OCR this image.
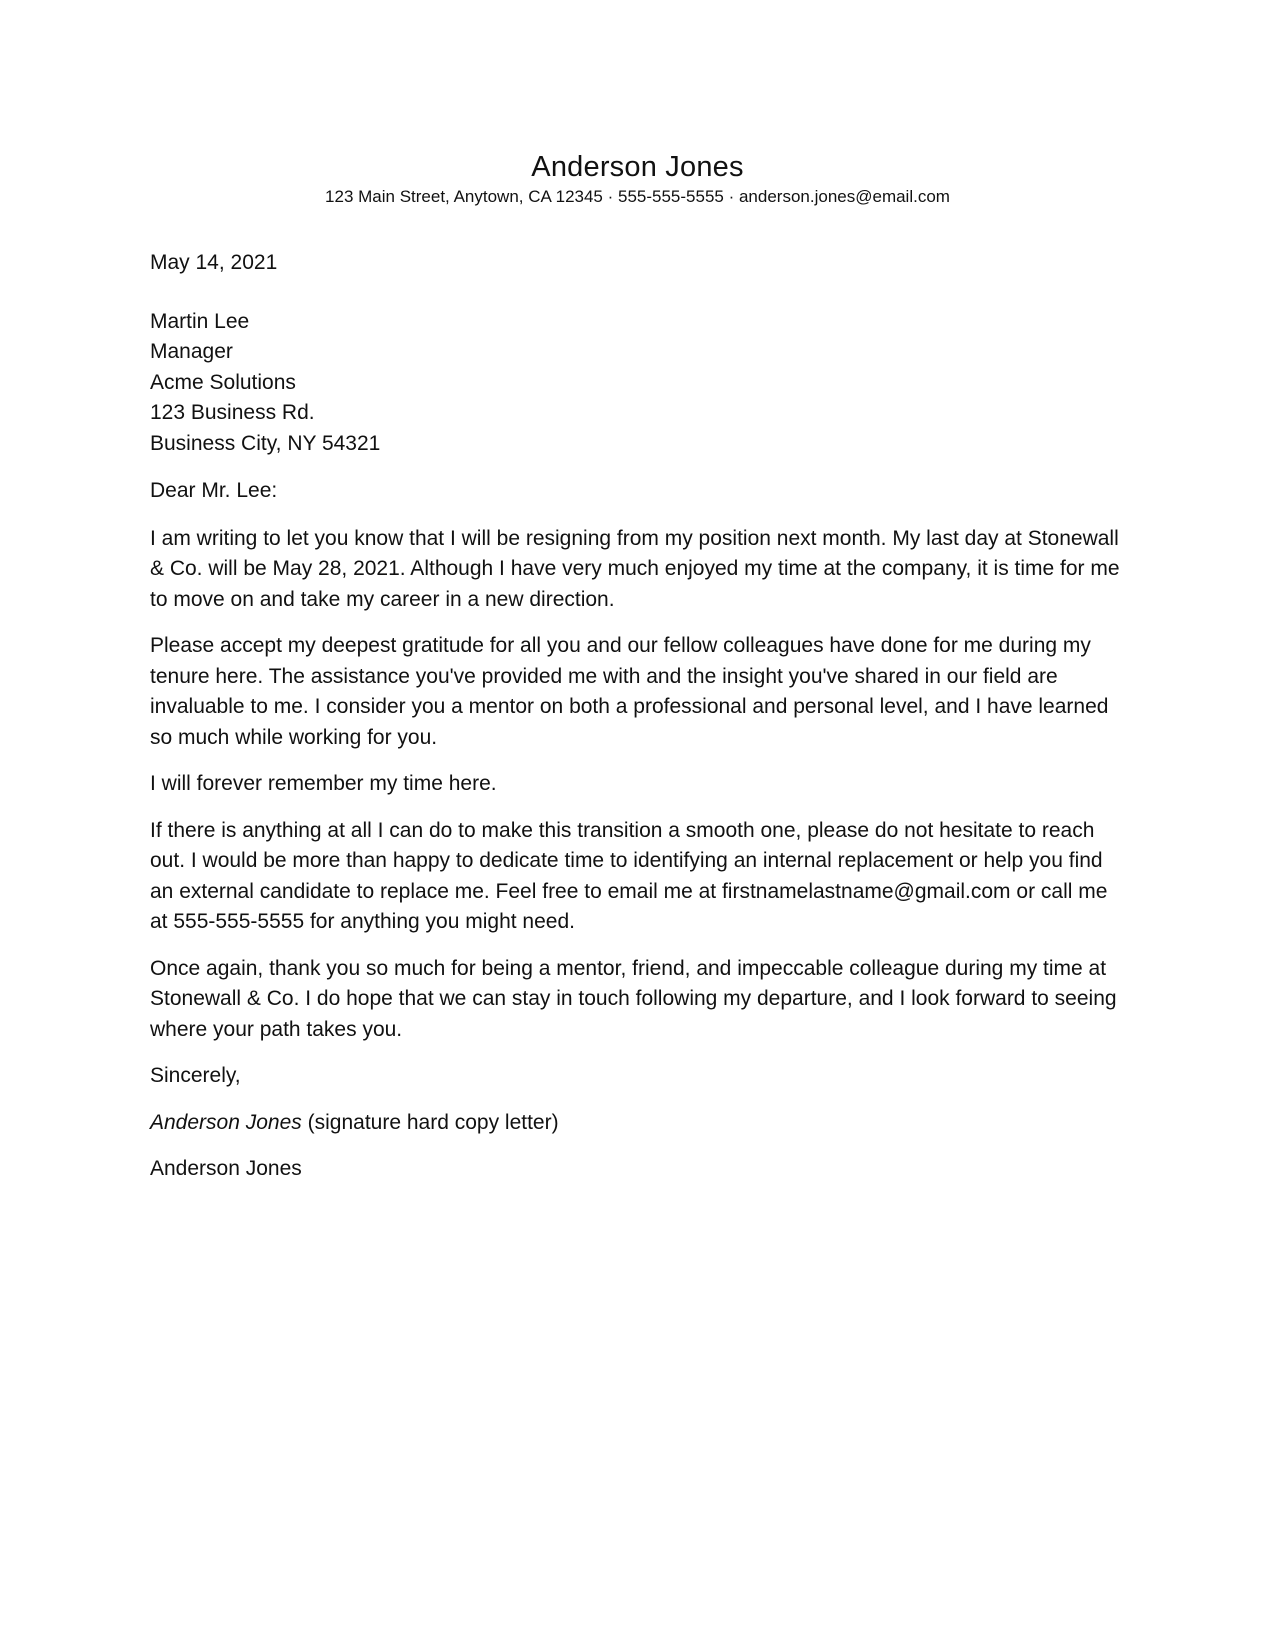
Anderson Jones
123 Main Street, Anytown, CA 12345 · 555-555-5555 · anderson.jones@email.com

May 14, 2021

Martin Lee
Manager
Acme Solutions
123 Business Rd.
Business City, NY 54321

Dear Mr. Lee:

I am writing to let you know that I will be resigning from my position next month. My last day at Stonewall & Co. will be May 28, 2021. Although I have very much enjoyed my time at the company, it is time for me to move on and take my career in a new direction.

Please accept my deepest gratitude for all you and our fellow colleagues have done for me during my tenure here. The assistance you've provided me with and the insight you've shared in our field are invaluable to me. I consider you a mentor on both a professional and personal level, and I have learned so much while working for you.

I will forever remember my time here.

If there is anything at all I can do to make this transition a smooth one, please do not hesitate to reach out. I would be more than happy to dedicate time to identifying an internal replacement or help you find an external candidate to replace me. Feel free to email me at firstnamelastname@gmail.com or call me at 555-555-5555 for anything you might need.

Once again, thank you so much for being a mentor, friend, and impeccable colleague during my time at Stonewall & Co. I do hope that we can stay in touch following my departure, and I look forward to seeing where your path takes you.

Sincerely,

Anderson Jones (signature hard copy letter)

Anderson Jones
